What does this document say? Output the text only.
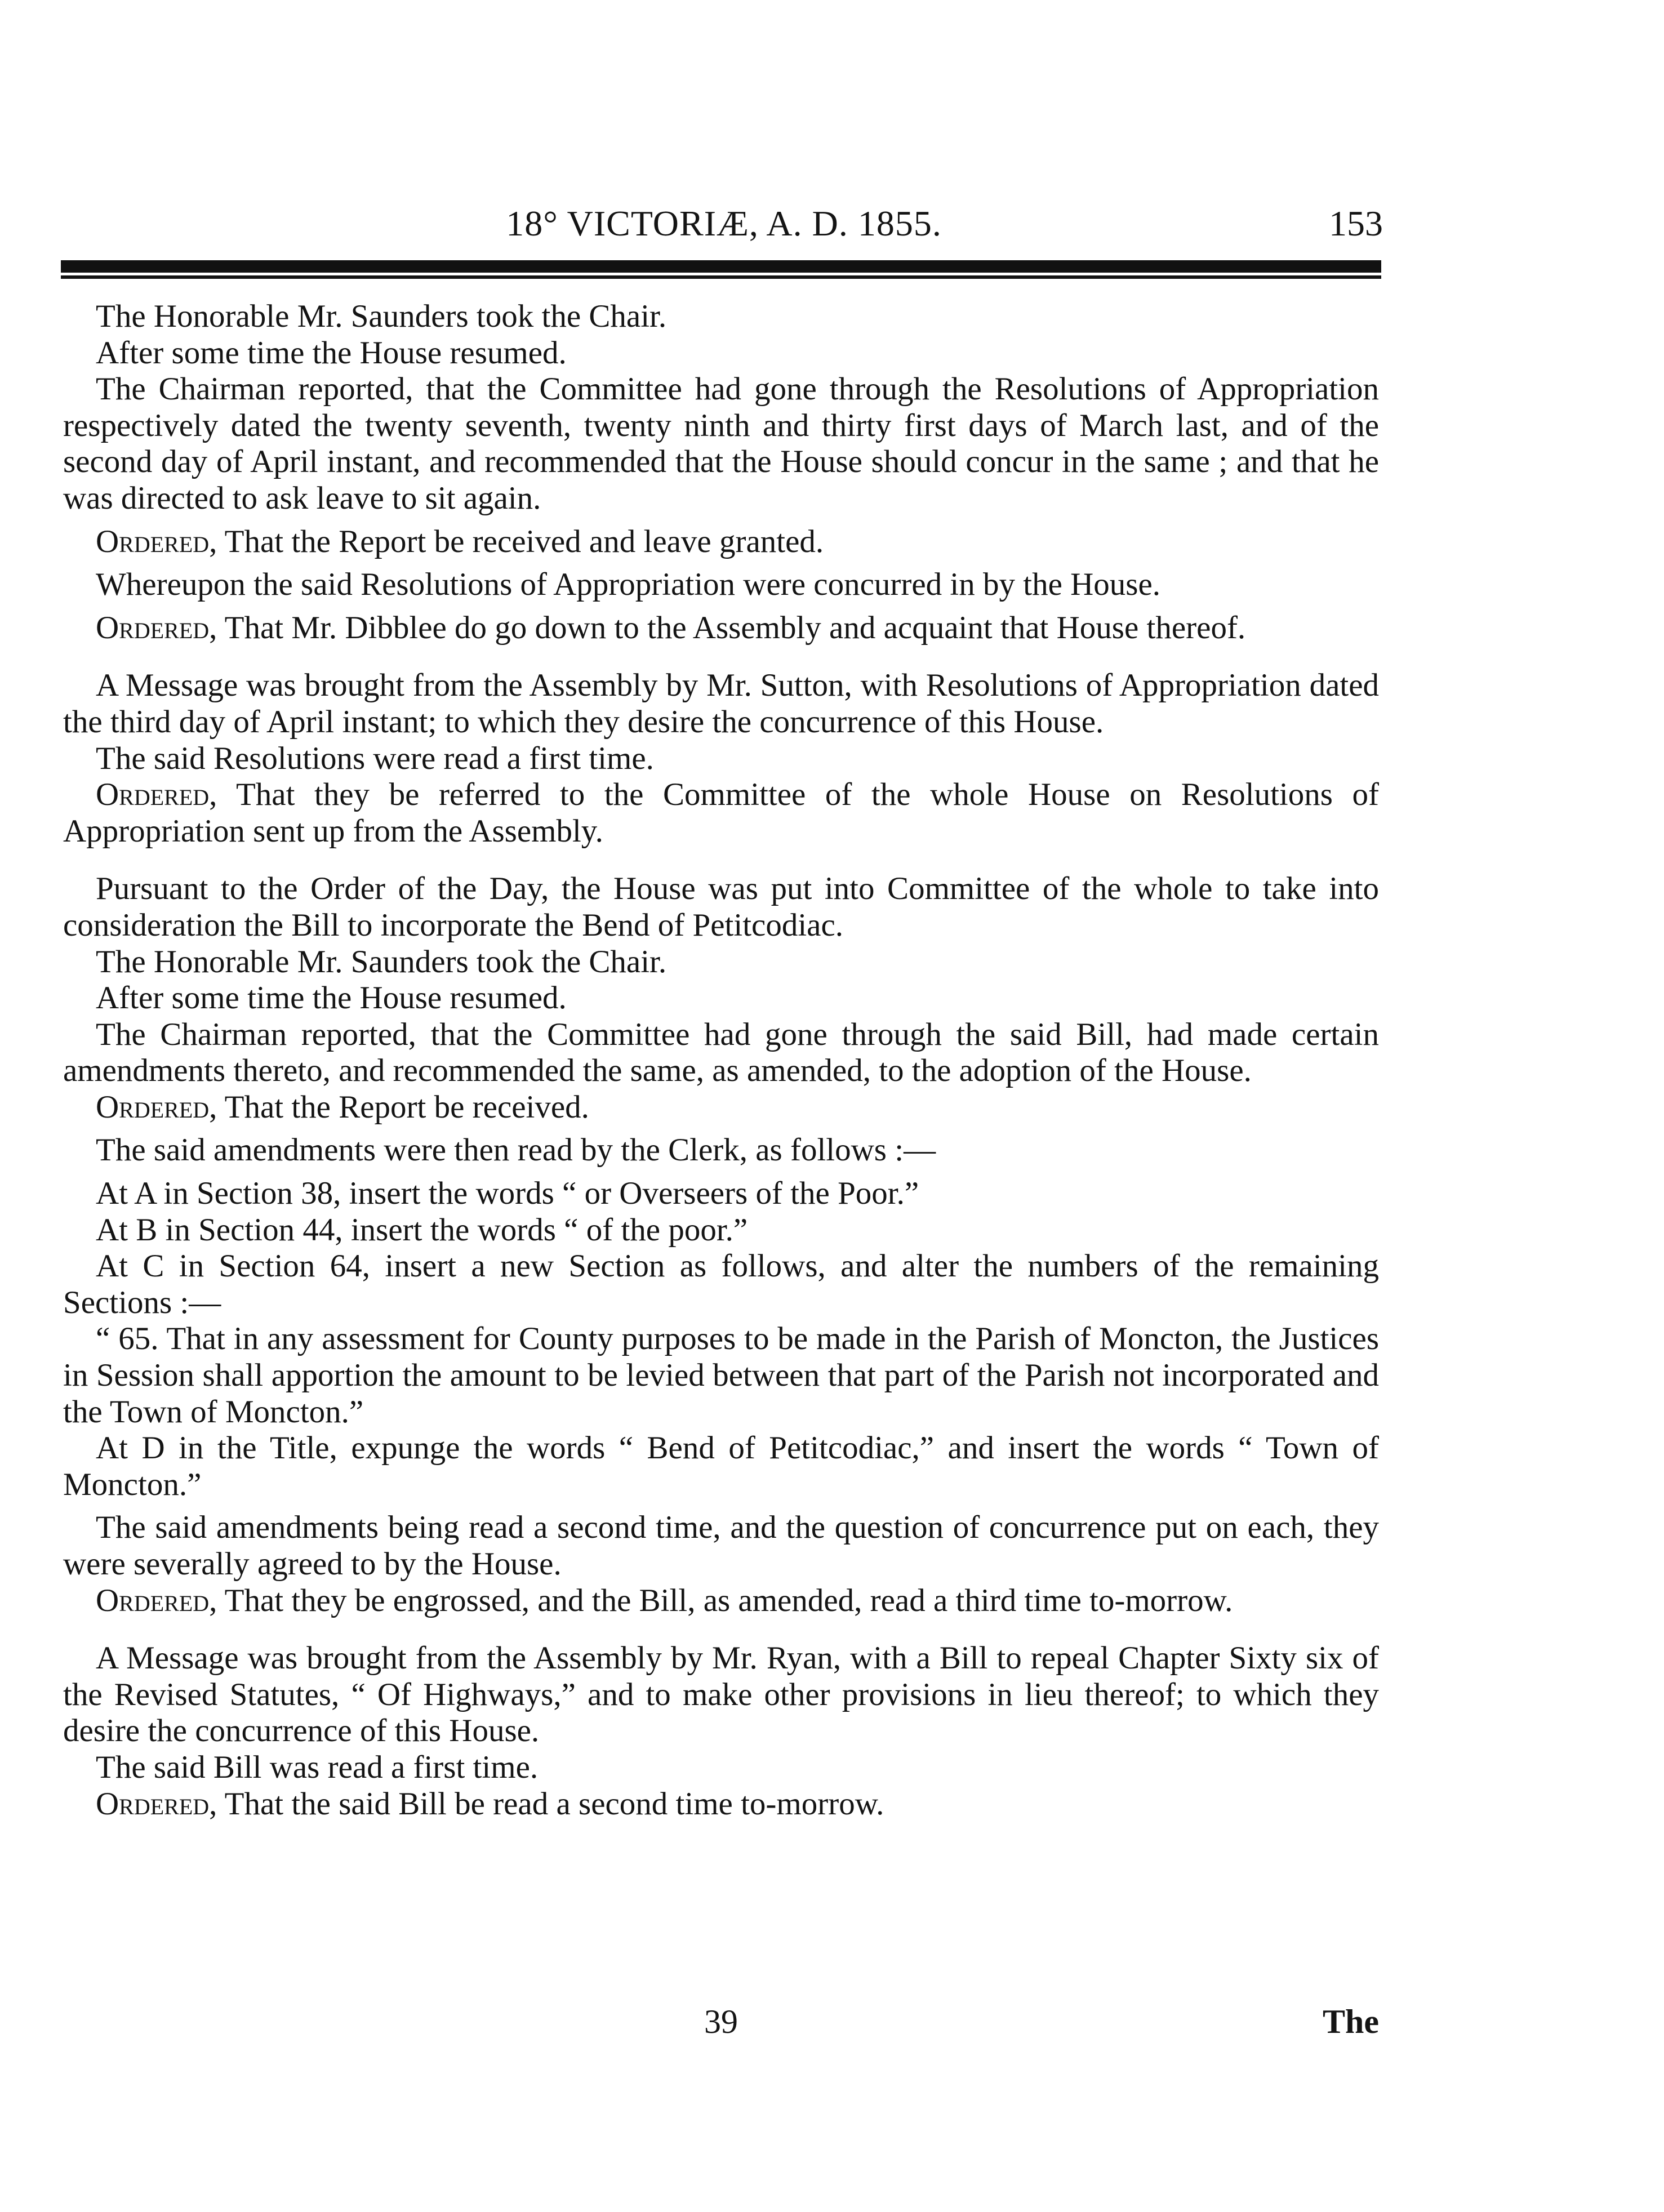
18° VICTORIÆ, A. D. 1855.	153

The Honorable Mr. Saunders took the Chair.

After some time the House resumed.

The Chairman reported, that the Committee had gone through the Resolutions of Appropriation respectively dated the twenty seventh, twenty ninth and thirty first days of March last, and of the second day of April instant, and recommended that the House should concur in the same ; and that he was directed to ask leave to sit again.

Ordered, That the Report be received and leave granted.

Whereupon the said Resolutions of Appropriation were concurred in by the House.

Ordered, That Mr. Dibblee do go down to the Assembly and acquaint that House thereof.

A Message was brought from the Assembly by Mr. Sutton, with Resolutions of Appropriation dated the third day of April instant; to which they desire the concurrence of this House.

The said Resolutions were read a first time.

Ordered, That they be referred to the Committee of the whole House on Resolutions of Appropriation sent up from the Assembly.

Pursuant to the Order of the Day, the House was put into Committee of the whole to take into consideration the Bill to incorporate the Bend of Petitcodiac.

The Honorable Mr. Saunders took the Chair.

After some time the House resumed.

The Chairman reported, that the Committee had gone through the said Bill, had made certain amendments thereto, and recommended the same, as amended, to the adoption of the House.

Ordered, That the Report be received.

The said amendments were then read by the Clerk, as follows :—

At A in Section 38, insert the words “ or Overseers of the Poor.”

At B in Section 44, insert the words “ of the poor.”

At C in Section 64, insert a new Section as follows, and alter the numbers of the remaining Sections :—

“ 65. That in any assessment for County purposes to be made in the Parish of Moncton, the Justices in Session shall apportion the amount to be levied between that part of the Parish not incorporated and the Town of Moncton.”

At D in the Title, expunge the words “ Bend of Petitcodiac,” and insert the words “ Town of Moncton.”

The said amendments being read a second time, and the question of concurrence put on each, they were severally agreed to by the House.

Ordered, That they be engrossed, and the Bill, as amended, read a third time to-morrow.

A Message was brought from the Assembly by Mr. Ryan, with a Bill to repeal Chapter Sixty six of the Revised Statutes, “ Of Highways,” and to make other provisions in lieu thereof; to which they desire the concurrence of this House.

The said Bill was read a first time.

Ordered, That the said Bill be read a second time to-morrow.

39	The
